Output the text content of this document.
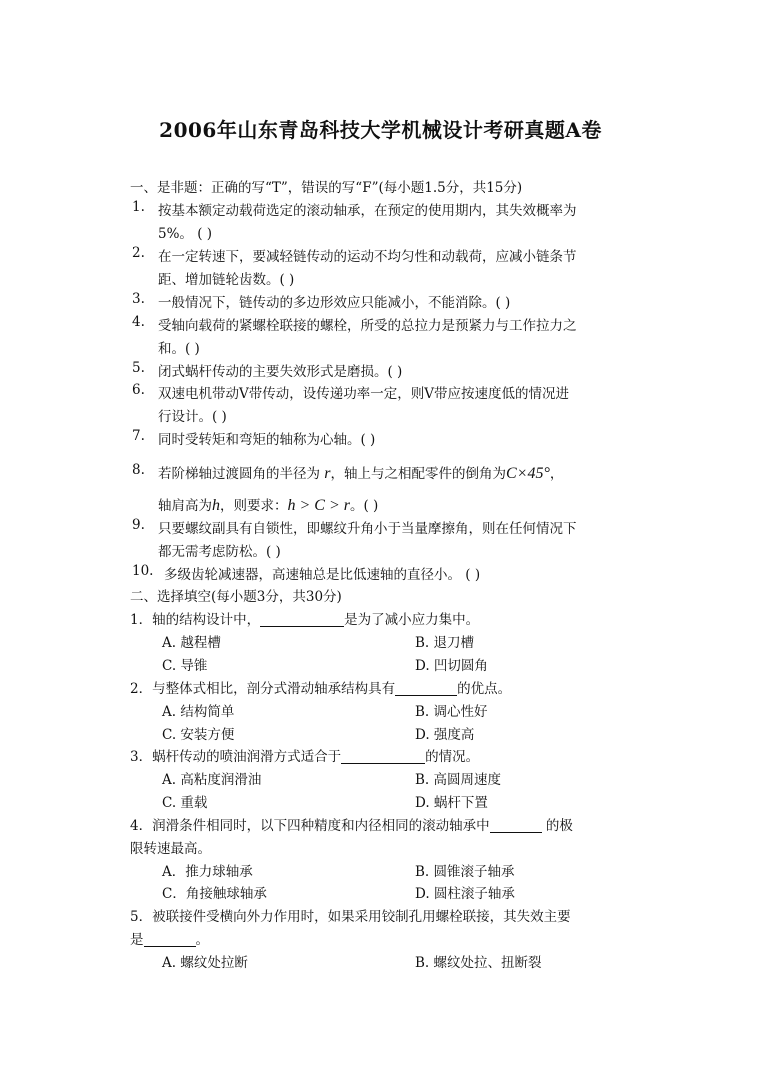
2006年山东青岛科技大学机械设计考研真题A卷
一、是非题：正确的写“T”，错误的写“F”(每小题1.5分，共15分)
1. 按基本额定动载荷选定的滚动轴承，在预定的使用期内，其失效概率为
5%。 ( )
2. 在一定转速下，要减轻链传动的运动不均匀性和动载荷，应减小链条节
距、增加链轮齿数。( )
3. 一般情况下，链传动的多边形效应只能减小，不能消除。( )
4. 受轴向载荷的紧螺栓联接的螺栓，所受的总拉力是预紧力与工作拉力之
和。( )
5. 闭式蜗杆传动的主要失效形式是磨损。( )
6. 双速电机带动V带传动，设传递功率一定，则V带应按速度低的情况进
行设计。( )
7. 同时受转矩和弯矩的轴称为心轴。( )
8. 若阶梯轴过渡圆角的半径为 r，轴上与之相配零件的倒角为C×45°，
轴肩高为h，则要求：h > C > r。( )
9. 只要螺纹副具有自锁性，即螺纹升角小于当量摩擦角，则在任何情况下
都无需考虑防松。( )
10. 多级齿轮减速器，高速轴总是比低速轴的直径小。 ( )
二、选择填空(每小题3分，共30分)
1．轴的结构设计中，	是为了减小应力集中。
A. 越程槽	B. 退刀槽
C. 导锥	D. 凹切圆角
2．与整体式相比，剖分式滑动轴承结构具有	的优点。
A. 结构简单	B. 调心性好
C. 安装方便	D. 强度高
3．蜗杆传动的喷油润滑方式适合于	的情况。
A. 高粘度润滑油	B. 高圆周速度
C. 重载	D. 蜗杆下置
4．润滑条件相同时，以下四种精度和内径相同的滚动轴承中	的极
限转速最高。
A．推力球轴承	B. 圆锥滚子轴承
C．角接触球轴承	D. 圆柱滚子轴承
5．被联接件受横向外力作用时，如果采用铰制孔用螺栓联接，其失效主要
是	。
A. 螺纹处拉断	B. 螺纹处拉、扭断裂
